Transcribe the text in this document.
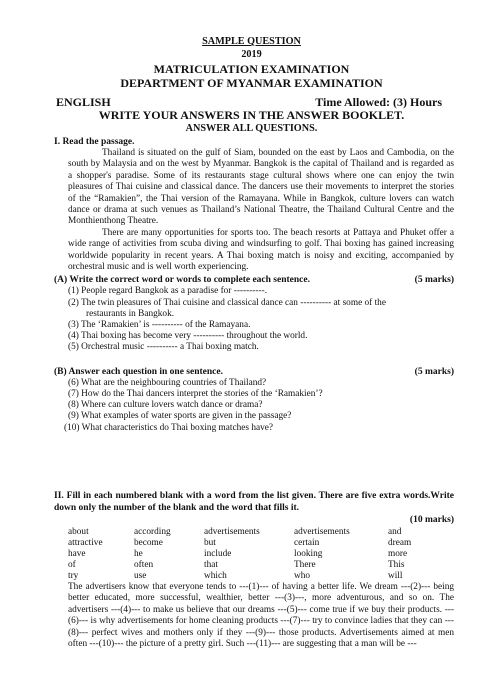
SAMPLE QUESTION
2019
MATRICULATION EXAMINATION
DEPARTMENT OF MYANMAR EXAMINATION
ENGLISH	Time Allowed: (3) Hours
WRITE YOUR ANSWERS IN THE ANSWER BOOKLET.
ANSWER ALL QUESTIONS.
I. Read the passage.
Thailand is situated on the gulf of Siam, bounded on the east by Laos and Cambodia, on the south by Malaysia and on the west by Myanmar. Bangkok is the capital of Thailand and is regarded as a shopper's paradise. Some of its restaurants stage cultural shows where one can enjoy the twin pleasures of Thai cuisine and classical dance. The dancers use their movements to interpret the stories of the “Ramakien”, the Thai version of the Ramayana. While in Bangkok, culture lovers can watch dance or drama at such venues as Thailand’s National Theatre, the Thailand Cultural Centre and the Monthienthong Theatre.
There are many opportunities for sports too. The beach resorts at Pattaya and Phuket offer a wide range of activities from scuba diving and windsurfing to golf. Thai boxing has gained increasing worldwide popularity in recent years. A Thai boxing match is noisy and exciting, accompanied by orchestral music and is well worth experiencing.
(A) Write the correct word or words to complete each sentence.	(5 marks)
(1) People regard Bangkok as a paradise for ----------.
(2) The twin pleasures of Thai cuisine and classical dance can ---------- at some of the
restaurants in Bangkok.
(3) The ‘Ramakien’ is ---------- of the Ramayana.
(4) Thai boxing has become very ---------- throughout the world.
(5) Orchestral music ---------- a Thai boxing match.
(B) Answer each question in one sentence.	(5 marks)
(6) What are the neighbouring countries of Thailand?
(7) How do the Thai dancers interpret the stories of the ‘Ramakien’?
(8) Where can culture lovers watch dance or drama?
(9) What examples of water sports are given in the passage?
(10) What characteristics do Thai boxing matches have?
II. Fill in each numbered blank with a word from the list given. There are five extra words.Write down only the number of the blank and the word that fills it.
(10 marks)
about	according	advertisements	advertisements	and
attractive	become	but	certain	dream
have	he	include	looking	more
of	often	that	There	This
try	use	which	who	will
The advertisers know that everyone tends to ---(1)--- of having a better life. We dream ---(2)--- being better educated, more successful, wealthier, better ---(3)---, more adventurous, and so on. The advertisers ---(4)--- to make us believe that our dreams ---(5)--- come true if we buy their products. ---(6)--- is why advertisements for home cleaning products ---(7)--- try to convince ladies that they can ---(8)--- perfect wives and mothers only if they ---(9)--- those products. Advertisements aimed at men often ---(10)--- the picture of a pretty girl. Such ---(11)--- are suggesting that a man will be ---
